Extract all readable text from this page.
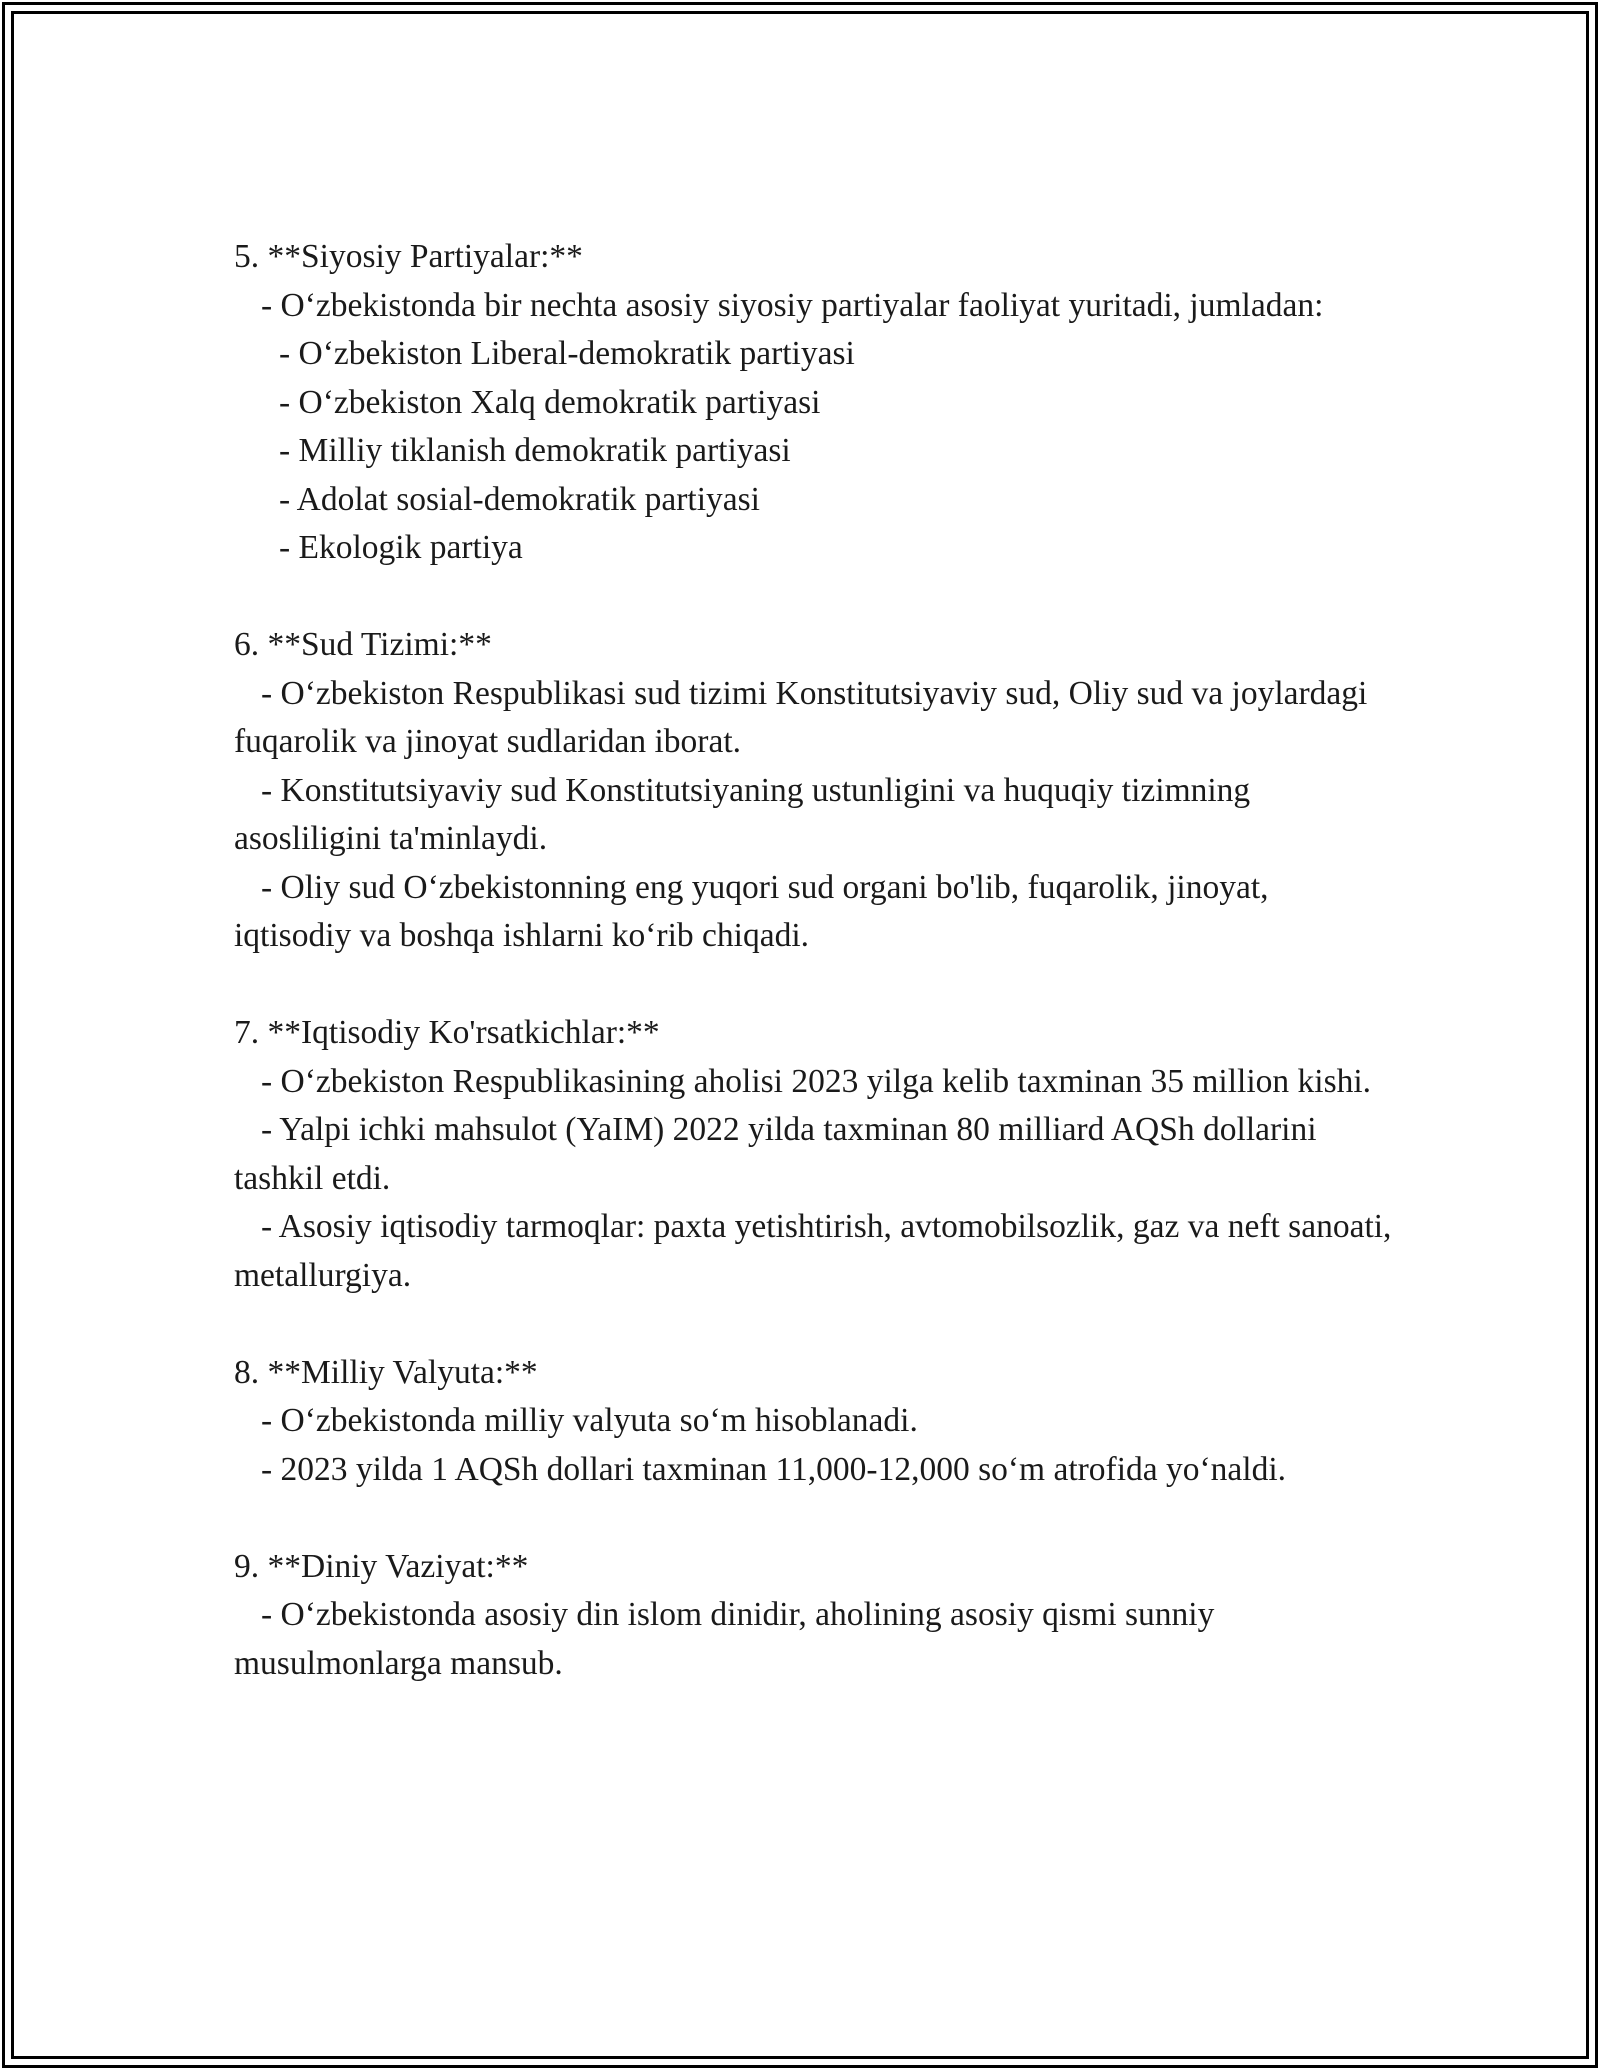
5. **Siyosiy Partiyalar:**
- O‘zbekistonda bir nechta asosiy siyosiy partiyalar faoliyat yuritadi, jumladan:
- O‘zbekiston Liberal-demokratik partiyasi
- O‘zbekiston Xalq demokratik partiyasi
- Milliy tiklanish demokratik partiyasi
- Adolat sosial-demokratik partiyasi
- Ekologik partiya
6. **Sud Tizimi:**
- O‘zbekiston Respublikasi sud tizimi Konstitutsiyaviy sud, Oliy sud va joylardagi fuqarolik va jinoyat sudlaridan iborat.
- Konstitutsiyaviy sud Konstitutsiyaning ustunligini va huquqiy tizimning asosliligini ta'minlaydi.
- Oliy sud O‘zbekistonning eng yuqori sud organi bo'lib, fuqarolik, jinoyat, iqtisodiy va boshqa ishlarni ko‘rib chiqadi.
7. **Iqtisodiy Ko'rsatkichlar:**
- O‘zbekiston Respublikasining aholisi 2023 yilga kelib taxminan 35 million kishi.
- Yalpi ichki mahsulot (YaIM) 2022 yilda taxminan 80 milliard AQSh dollarini tashkil etdi.
- Asosiy iqtisodiy tarmoqlar: paxta yetishtirish, avtomobilsozlik, gaz va neft sanoati, metallurgiya.
8. **Milliy Valyuta:**
- O‘zbekistonda milliy valyuta so‘m hisoblanadi.
- 2023 yilda 1 AQSh dollari taxminan 11,000-12,000 so‘m atrofida yo‘naldi.
9. **Diniy Vaziyat:**
- O‘zbekistonda asosiy din islom dinidir, aholining asosiy qismi sunniy musulmonlarga mansub.
